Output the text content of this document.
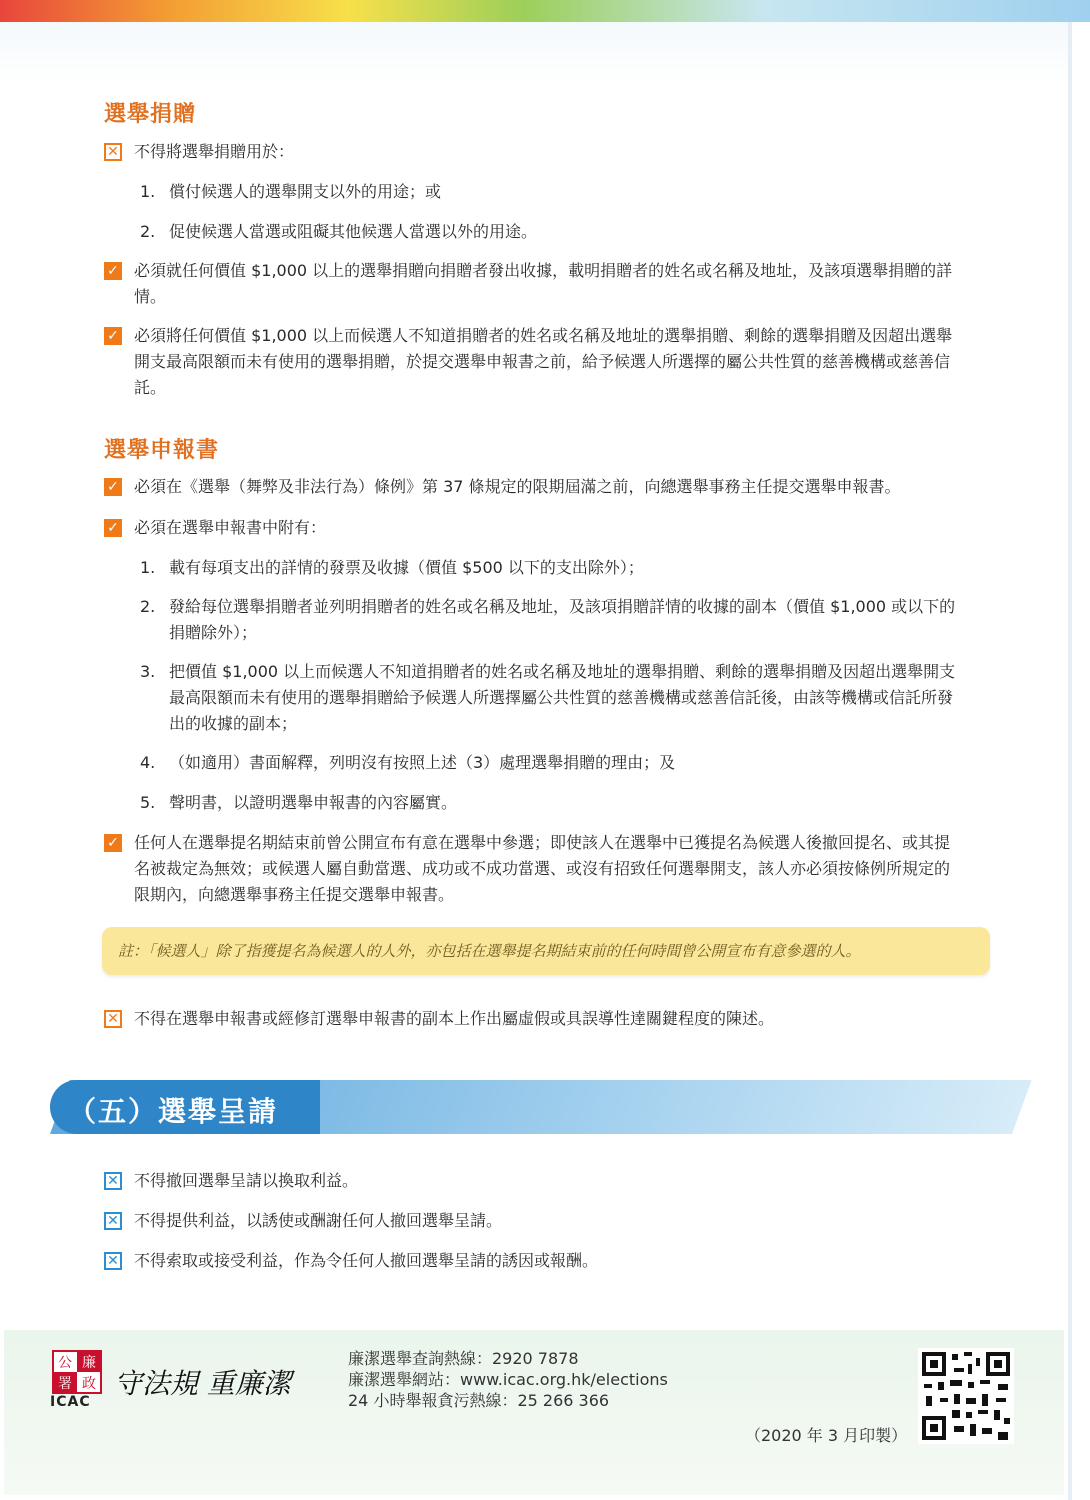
選舉捐贈
✕ 不得將選舉捐贈用於：
1. 償付候選人的選舉開支以外的用途；或
2. 促使候選人當選或阻礙其他候選人當選以外的用途。
✓ 必須就任何價值 $1,000 以上的選舉捐贈向捐贈者發出收據，載明捐贈者的姓名或名稱及地址，及該項選舉捐贈的詳情。
✓ 必須將任何價值 $1,000 以上而候選人不知道捐贈者的姓名或名稱及地址的選舉捐贈、剩餘的選舉捐贈及因超出選舉開支最高限額而未有使用的選舉捐贈，於提交選舉申報書之前，給予候選人所選擇的屬公共性質的慈善機構或慈善信託。
選舉申報書
✓ 必須在《選舉（舞弊及非法行為）條例》第 37 條規定的限期屆滿之前，向總選舉事務主任提交選舉申報書。
✓ 必須在選舉申報書中附有：
1. 載有每項支出的詳情的發票及收據（價值 $500 以下的支出除外）；
2. 發給每位選舉捐贈者並列明捐贈者的姓名或名稱及地址，及該項捐贈詳情的收據的副本（價值 $1,000 或以下的捐贈除外）；
3. 把價值 $1,000 以上而候選人不知道捐贈者的姓名或名稱及地址的選舉捐贈、剩餘的選舉捐贈及因超出選舉開支最高限額而未有使用的選舉捐贈給予候選人所選擇屬公共性質的慈善機構或慈善信託後，由該等機構或信託所發出的收據的副本；
4. （如適用）書面解釋，列明沒有按照上述（3）處理選舉捐贈的理由；及
5. 聲明書，以證明選舉申報書的內容屬實。
✓ 任何人在選舉提名期結束前曾公開宣布有意在選舉中參選；即使該人在選舉中已獲提名為候選人後撤回提名、或其提名被裁定為無效；或候選人屬自動當選、成功或不成功當選、或沒有招致任何選舉開支，該人亦必須按條例所規定的限期內，向總選舉事務主任提交選舉申報書。
註：「候選人」除了指獲提名為候選人的人外，亦包括在選舉提名期結束前的任何時間曾公開宣布有意參選的人。
✕ 不得在選舉申報書或經修訂選舉申報書的副本上作出屬虛假或具誤導性達關鍵程度的陳述。
（五）選舉呈請
✕ 不得撤回選舉呈請以換取利益。
✕ 不得提供利益，以誘使或酬謝任何人撤回選舉呈請。
✕ 不得索取或接受利益，作為令任何人撤回選舉呈請的誘因或報酬。
公 廉
署 政
ICAC
守法規 重廉潔
廉潔選舉查詢熱線：2920 7878
廉潔選舉網站：www.icac.org.hk/elections
24 小時舉報貪污熱線：25 266 366
（2020 年 3 月印製）
